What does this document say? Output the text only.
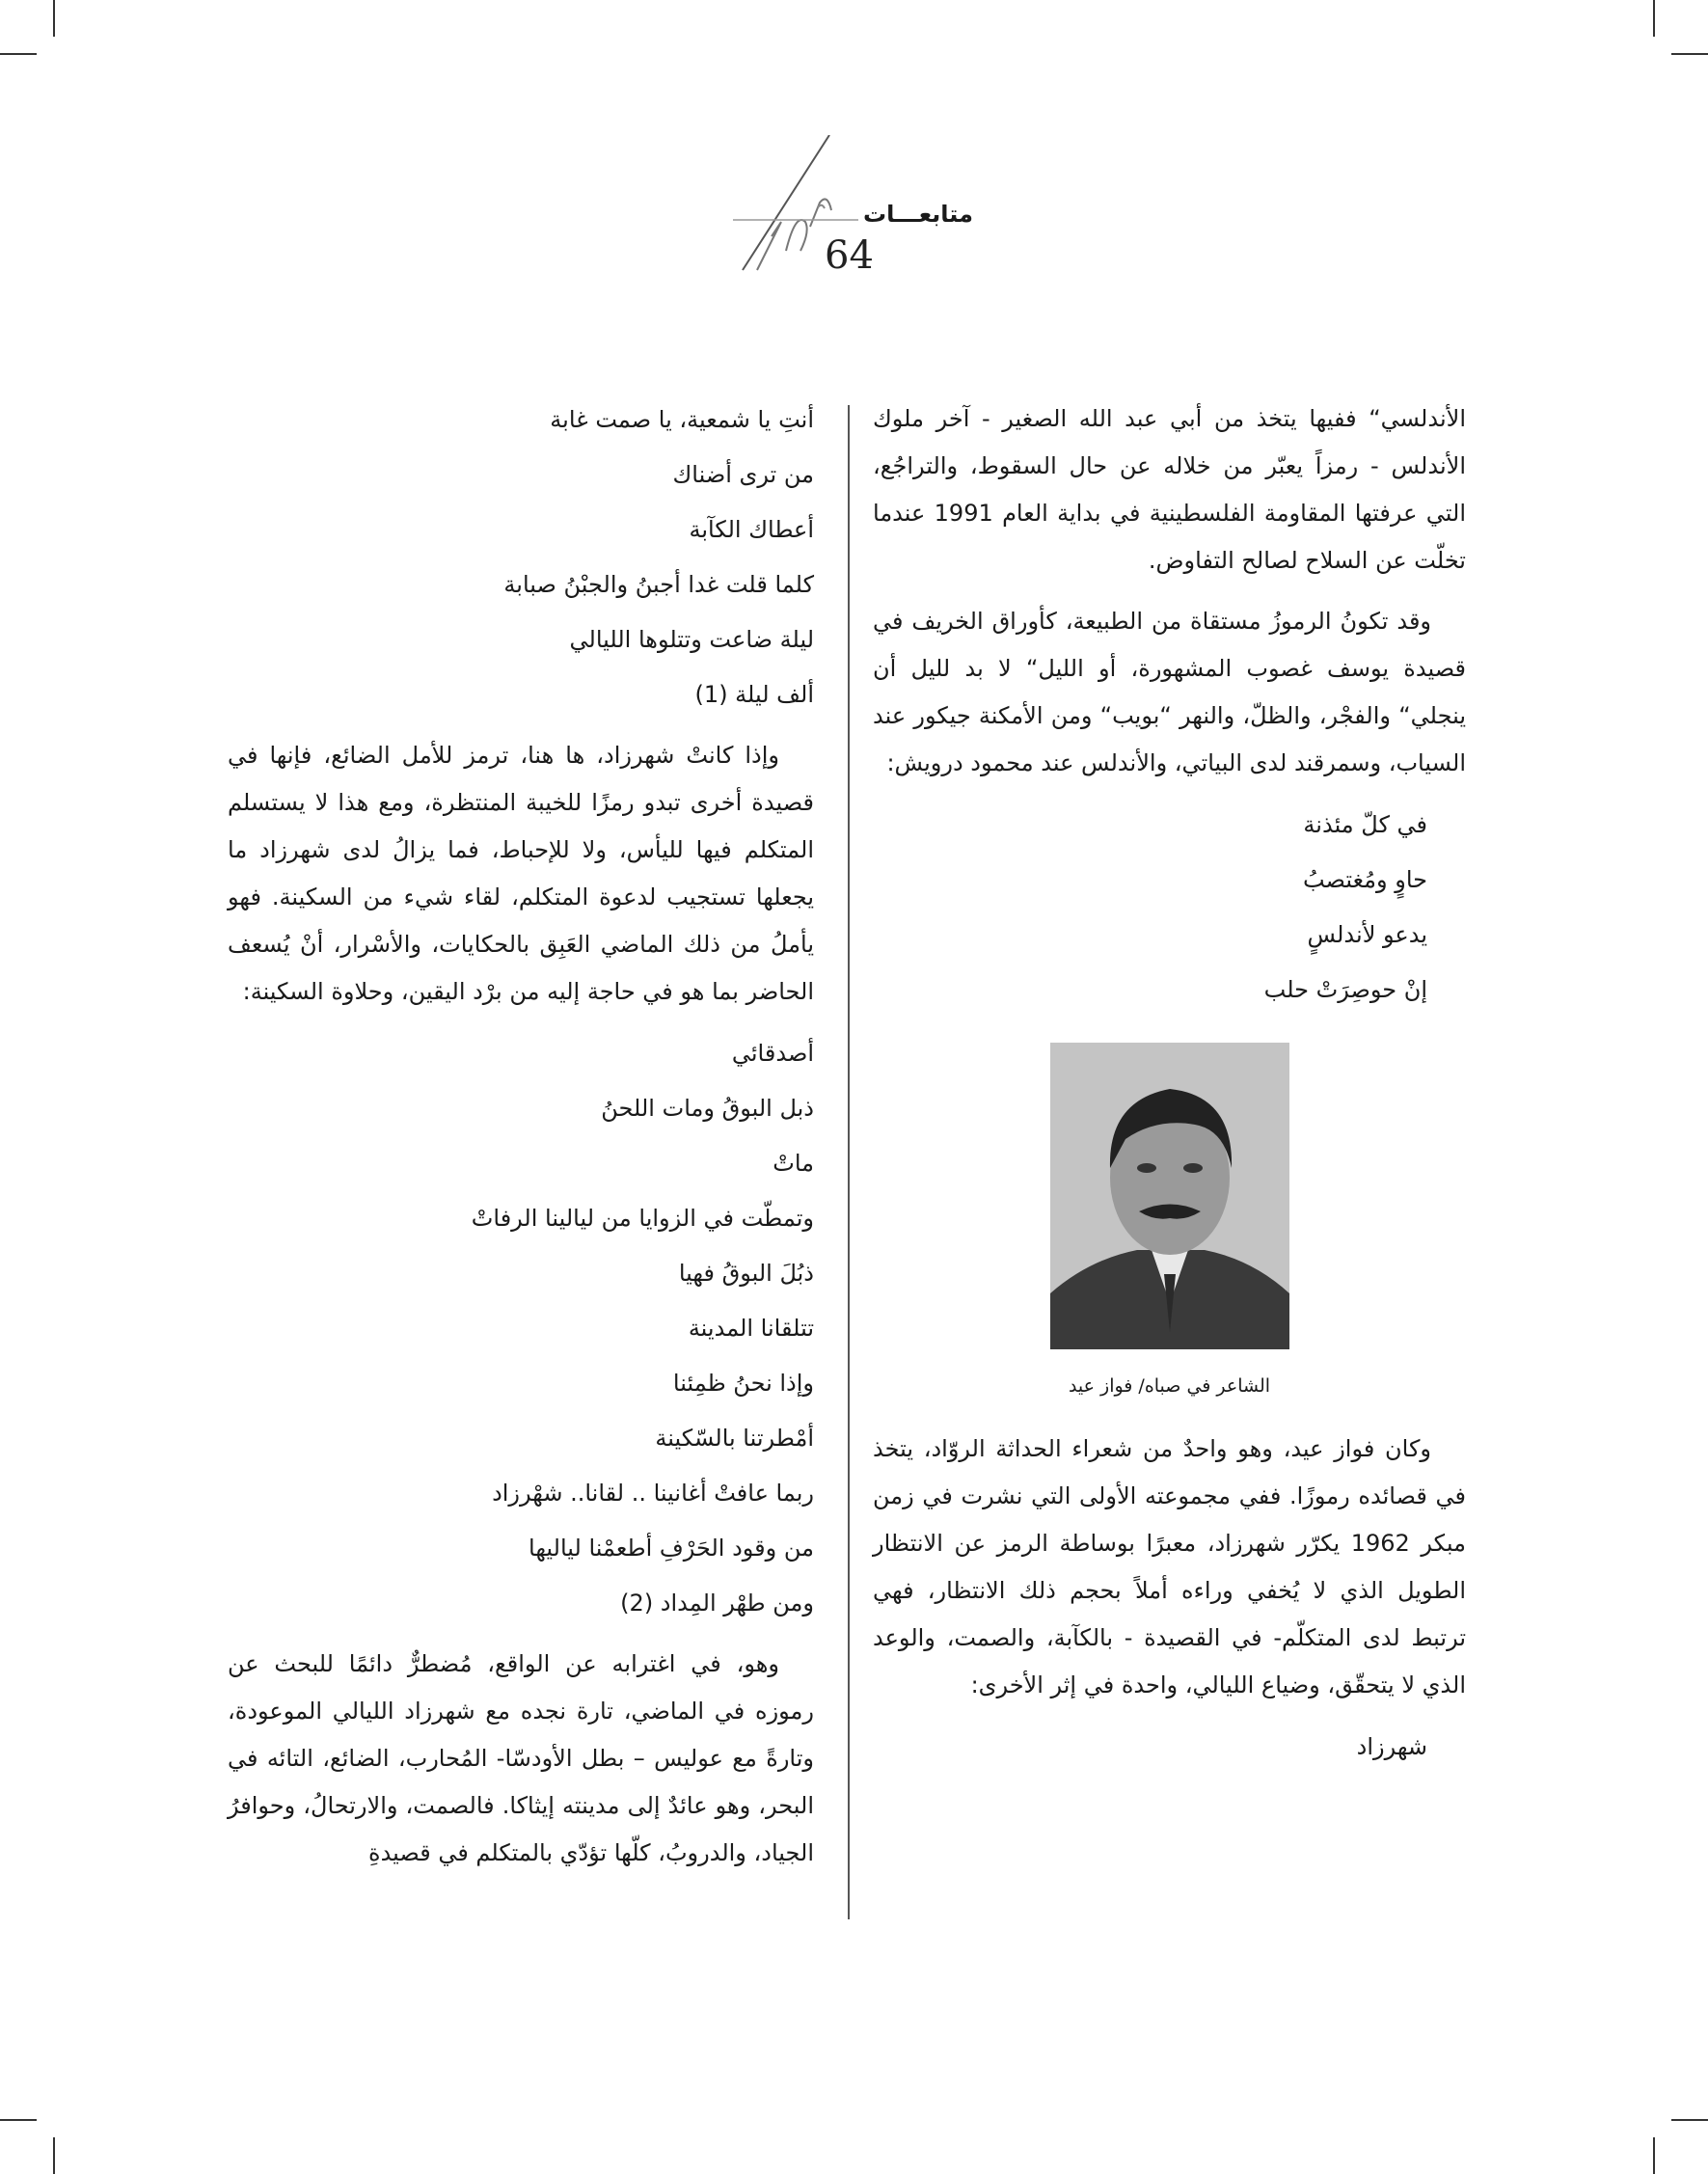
متابعـــات
64

الأندلسي“ ففيها يتخذ من أبي عبد الله الصغير - آخر ملوك الأندلس - رمزاً يعبّر من خلاله عن حال السقوط، والتراجُع، التي عرفتها المقاومة الفلسطينية في بداية العام 1991 عندما تخلّت عن السلاح لصالح التفاوض.

وقد تكونُ الرموزُ مستقاة من الطبيعة، كأوراق الخريف في قصيدة يوسف غصوب المشهورة، أو الليل“ لا بد لليل أن ينجلي“ والفجْر، والظلّ، والنهر “بويب“ ومن الأمكنة جيكور عند السياب، وسمرقند لدى البياتي، والأندلس عند محمود درويش:

في كلّ مئذنة
حاوٍ ومُغتصبُ
يدعو لأندلسٍ
إنْ حوصِرَتْ حلب
الشاعر في صباه/ فواز عيد

وكان فواز عيد، وهو واحدٌ من شعراء الحداثة الروّاد، يتخذ في قصائده رموزًا. ففي مجموعته الأولى التي نشرت في زمن مبكر 1962 يكرّر شهرزاد، معبرًا بوساطة الرمز عن الانتظار الطويل الذي لا يُخفي وراءه أملاً بحجم ذلك الانتظار، فهي ترتبط لدى المتكلّم- في القصيدة - بالكآبة، والصمت، والوعد الذي لا يتحقّق، وضياع الليالي، واحدة في إثر الأخرى:

شهرزاد
أنتِ يا شمعية، يا صمت غابة
من ترى أضناك
أعطاك الكآبة
كلما قلت غدا أجبنُ والجبْنُ صبابة
ليلة ضاعت وتتلوها الليالي
ألف ليلة (1)

وإذا كانتْ شهرزاد، ها هنا، ترمز للأمل الضائع، فإنها في قصيدة أخرى تبدو رمزًا للخيبة المنتظرة، ومع هذا لا يستسلم المتكلم فيها لليأس، ولا للإحباط، فما يزالُ لدى شهرزاد ما يجعلها تستجيب لدعوة المتكلم، لقاء شيء من السكينة. فهو يأملُ من ذلك الماضي العَبِق بالحكايات، والأسْرار، أنْ يُسعف الحاضر بما هو في حاجة إليه من برْد اليقين، وحلاوة السكينة:

أصدقائي
ذبل البوقُ ومات اللحنُ
ماتْ
وتمطّت في الزوايا من ليالينا الرفاتْ
ذبُلَ البوقُ فهيا
تتلقانا المدينة
وإذا نحنُ ظمِئنا
أمْطرتنا بالسّكينة
ربما عافتْ أغانينا .. لقانا.. شهْرزاد
من وقود الحَرْفِ أطعمْنا لياليها
ومن طهْر المِداد (2)

وهو، في اغترابه عن الواقع، مُضطرٌّ دائمًا للبحث عن رموزه في الماضي، تارة نجده مع شهرزاد الليالي الموعودة، وتارةً مع عوليس – بطل الأودسّا- المُحارب، الضائع، التائه في البحر، وهو عائدٌ إلى مدينته إيثاكا. فالصمت، والارتحالُ، وحوافرُ الجياد، والدروبُ، كلّها تؤدّي بالمتكلم في قصيدةِ
